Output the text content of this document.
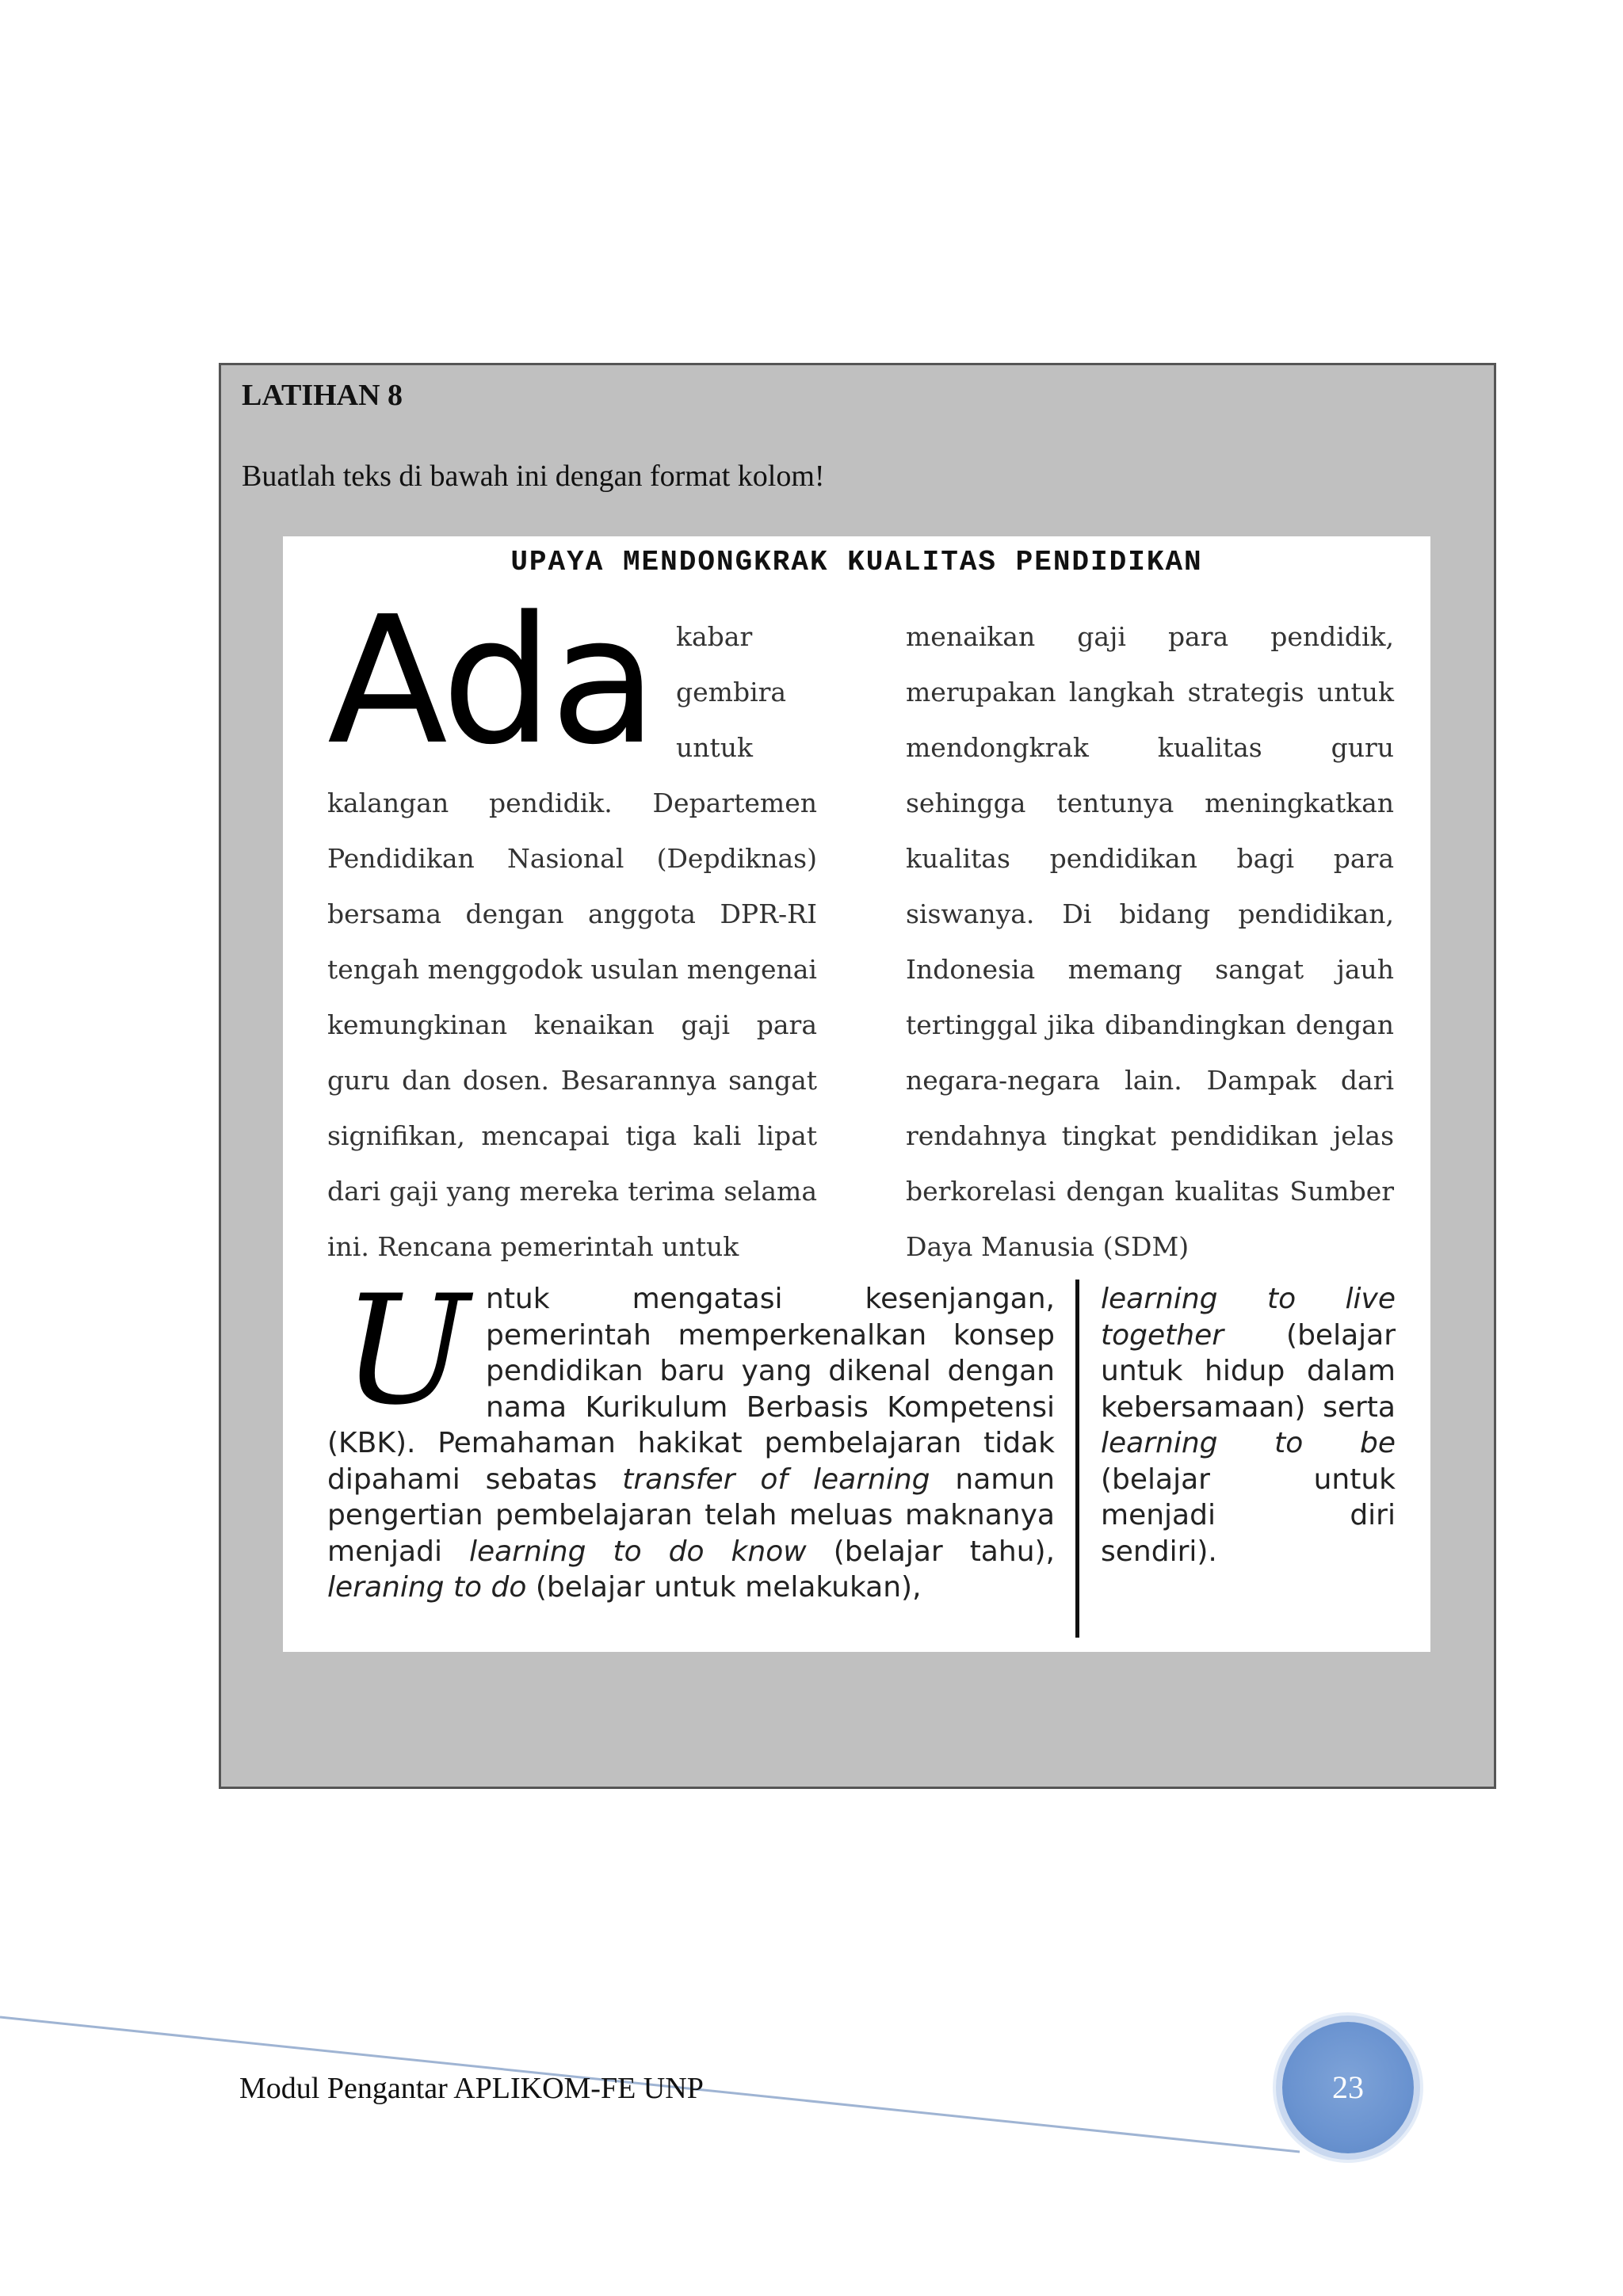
LATIHAN 8

Buatlah teks di bawah ini dengan format kolom!

UPAYA MENDONGKRAK KUALITAS PENDIDIKAN

Ada kabar gembira untuk kalangan pendidik. Departemen Pendidikan Nasional (Depdiknas) bersama dengan anggota DPR-RI tengah menggodok usulan mengenai kemungkinan kenaikan gaji para guru dan dosen. Besarannya sangat signifikan, mencapai tiga kali lipat dari gaji yang mereka terima selama ini. Rencana pemerintah untuk

menaikan gaji para pendidik, merupakan langkah strategis untuk mendongkrak kualitas guru sehingga tentunya meningkatkan kualitas pendidikan bagi para siswanya. Di bidang pendidikan, Indonesia memang sangat jauh tertinggal jika dibandingkan dengan negara-negara lain. Dampak dari rendahnya tingkat pendidikan jelas berkorelasi dengan kualitas Sumber Daya Manusia (SDM)

Untuk mengatasi kesenjangan, pemerintah memperkenalkan konsep pendidikan baru yang dikenal dengan nama Kurikulum Berbasis Kompetensi (KBK). Pemahaman hakikat pembelajaran tidak dipahami sebatas transfer of learning namun pengertian pembelajaran telah meluas maknanya menjadi learning to do know (belajar tahu), leraning to do (belajar untuk melakukan),

learning to live together (belajar untuk hidup dalam kebersamaan) serta learning to be (belajar untuk menjadi diri sendiri).

Modul Pengantar APLIKOM-FE UNP	23
